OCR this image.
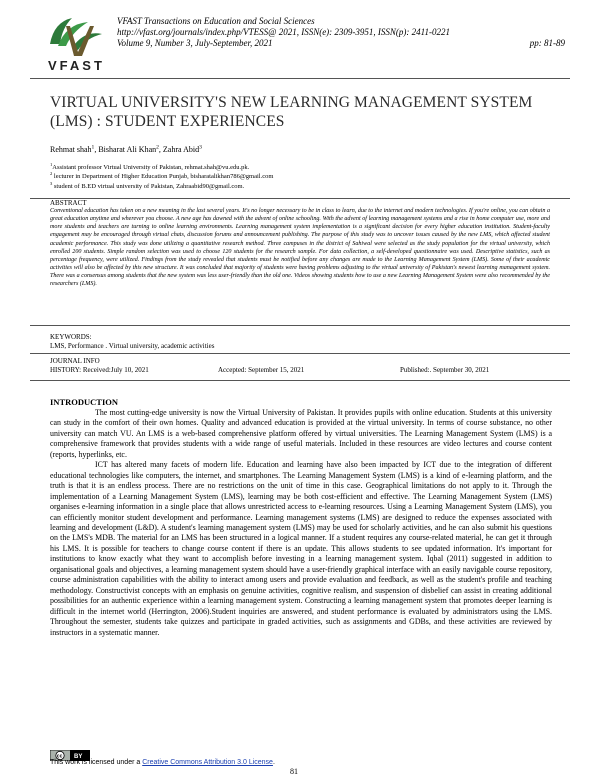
VFAST
VFAST Transactions on Education and Social Sciences
http://vfast.org/journals/index.php/VTESS@ 2021, ISSN(e): 2309-3951, ISSN(p): 2411-0221
Volume 9, Number 3, July-September, 2021	pp: 81-89
VIRTUAL UNIVERSITY'S NEW LEARNING MANAGEMENT SYSTEM (LMS) : STUDENT EXPERIENCES
Rehmat shah$^1$, Bisharat Ali Khan$^2$, Zahra Abid$^3$
$^1$Assistant professor Virtual University of Pakistan, rehmat.shah@vu.edu.pk.
$^2$ lecturer in Department of Higher Education Punjab, bisharatalikhan786@gmail.com
$^3$ student of B.ED virtual university of Pakistan, Zahraabid90@gmail.com.
ABSTRACT
Conventional education has taken on a new meaning in the last several years. It's no longer necessary to be in class to learn, due to the internet and modern technologies. If you're online, you can obtain a great education anytime and wherever you choose. A new age has dawned with the advent of online schooling. With the advent of learning management systems and a rise in home computer use, more and more students and teachers are turning to online learning environments. Learning management system implementation is a significant decision for every higher education institution. Student-faculty engagement may be encouraged through virtual chats, discussion forums and announcement publishing. The purpose of this study was to uncover issues caused by the new LMS, which affected student academic performance. This study was done utilizing a quantitative research method. Three campuses in the district of Sahiwal were selected as the study population for the virtual university, which enrolled 200 students. Simple random selection was used to choose 120 students for the research sample. For data collection, a self-developed questionnaire was used. Descriptive statistics, such as percentage frequency, were utilized. Findings from the study revealed that students must be notified before any changes are made to the Learning Management System (LMS). Some of their academic activities will also be affected by this new structure. It was concluded that majority of students were having problems adjusting to the virtual university of Pakistan's newest learning management system. There was a consensus among students that the new system was less user-friendly than the old one. Videos showing students how to use a new Learning Management System were also recommended by the researchers (LMS).
KEYWORDS:
LMS, Performance . Virtual university, academic activities
JOURNAL INFO
HISTORY: Received:July 10, 2021	Accepted: September 15, 2021	Published:. September 30, 2021
INTRODUCTION

The most cutting-edge university is now the Virtual University of Pakistan. It provides pupils with online education. Students at this university can study in the comfort of their own homes. Quality and advanced education is provided at the virtual university. In terms of course substance, no other university can match VU. An LMS is a web-based comprehensive platform offered by virtual universities. The Learning Management System (LMS) is a comprehensive framework that provides students with a wide range of useful materials. Included in these resources are video lectures and course content (reports, hyperlinks, etc.

ICT has altered many facets of modern life. Education and learning have also been impacted by ICT due to the integration of different educational technologies like computers, the internet, and smartphones. The Learning Management System (LMS) is a kind of e-learning platform, and the truth is that it is an endless process. There are no restrictions on the unit of time in this case. Geographical limitations do not apply to it. Through the implementation of a Learning Management System (LMS), learning may be both cost-efficient and effective. The Learning Management System (LMS) organises e-learning information in a single place that allows unrestricted access to e-learning resources. Using a Learning Management System (LMS), you can efficiently monitor student development and performance. Learning management systems (LMS) are designed to reduce the expenses associated with learning and development (L&D). A student's learning management system (LMS) may be used for scholarly activities, and he can also submit his questions on the LMS's MDB. The material for an LMS has been structured in a logical manner. If a student requires any course-related material, he can get it through his LMS. It is possible for teachers to change course content if there is an update. This allows students to see updated information. It's important for institutions to know exactly what they want to accomplish before investing in a learning management system. Iqbal (2011) suggested in addition to organisational goals and objectives, a learning management system should have a user-friendly graphical interface with an easily navigable course repository, course administration capabilities with the ability to interact among users and provide evaluation and feedback, as well as the student's profile and teaching methodology. Constructivist concepts with an emphasis on genuine activities, cognitive realism, and suspension of disbelief can assist in creating additional possibilities for an authentic experience within a learning management system. Constructing a learning management system that promotes deeper learning is difficult in the internet world (Herrington, 2006).Student inquiries are answered, and student performance is evaluated by administrators using the LMS. Throughout the semester, students take quizzes and participate in graded activities, such as assignments and GDBs, and these activities are reviewed by instructors in a systematic manner.

cc BY
This work is licensed under a Creative Commons Attribution 3.0 License.
81
